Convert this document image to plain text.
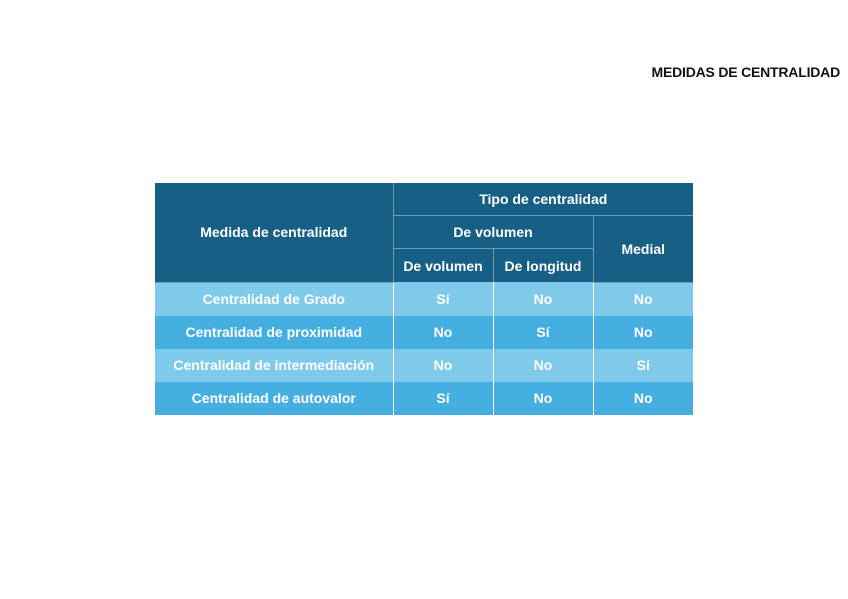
MEDIDAS DE CENTRALIDAD
Medida de centralidad	Tipo de centralidad		
	De volumen		Medial
	De volumen	De longitud	
Centralidad de Grado	Sí	No	No
Centralidad de proximidad	No	Sí	No
Centralidad de intermediación	No	No	Sí
Centralidad de autovalor	Sí	No	No
